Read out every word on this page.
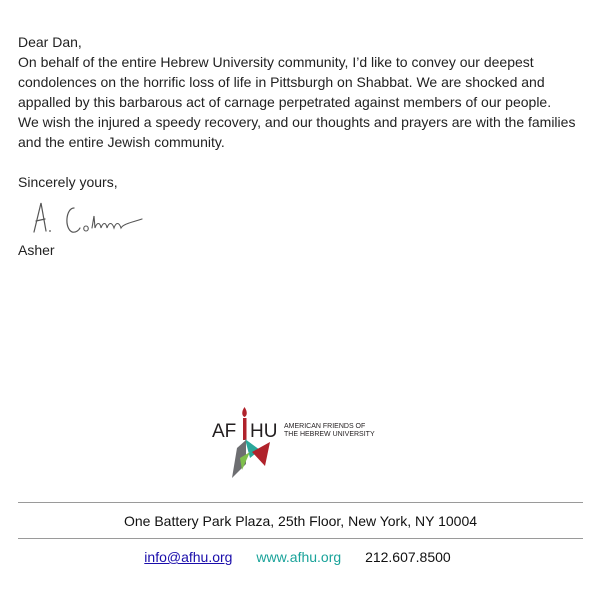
Dear Dan,

On behalf of the entire Hebrew University community, I’d like to convey our deepest condolences on the horrific loss of life in Pittsburgh on Shabbat. We are shocked and appalled by this barbarous act of carnage perpetrated against members of our people.

We wish the injured a speedy recovery, and our thoughts and prayers are with the families and the entire Jewish community.

Sincerely yours,

Asher

AF HU AMERICAN FRIENDS OF
THE HEBREW UNIVERSITY
One Battery Park Plaza, 25th Floor, New York, NY 10004
info@afhu.org www.afhu.org 212.607.8500
